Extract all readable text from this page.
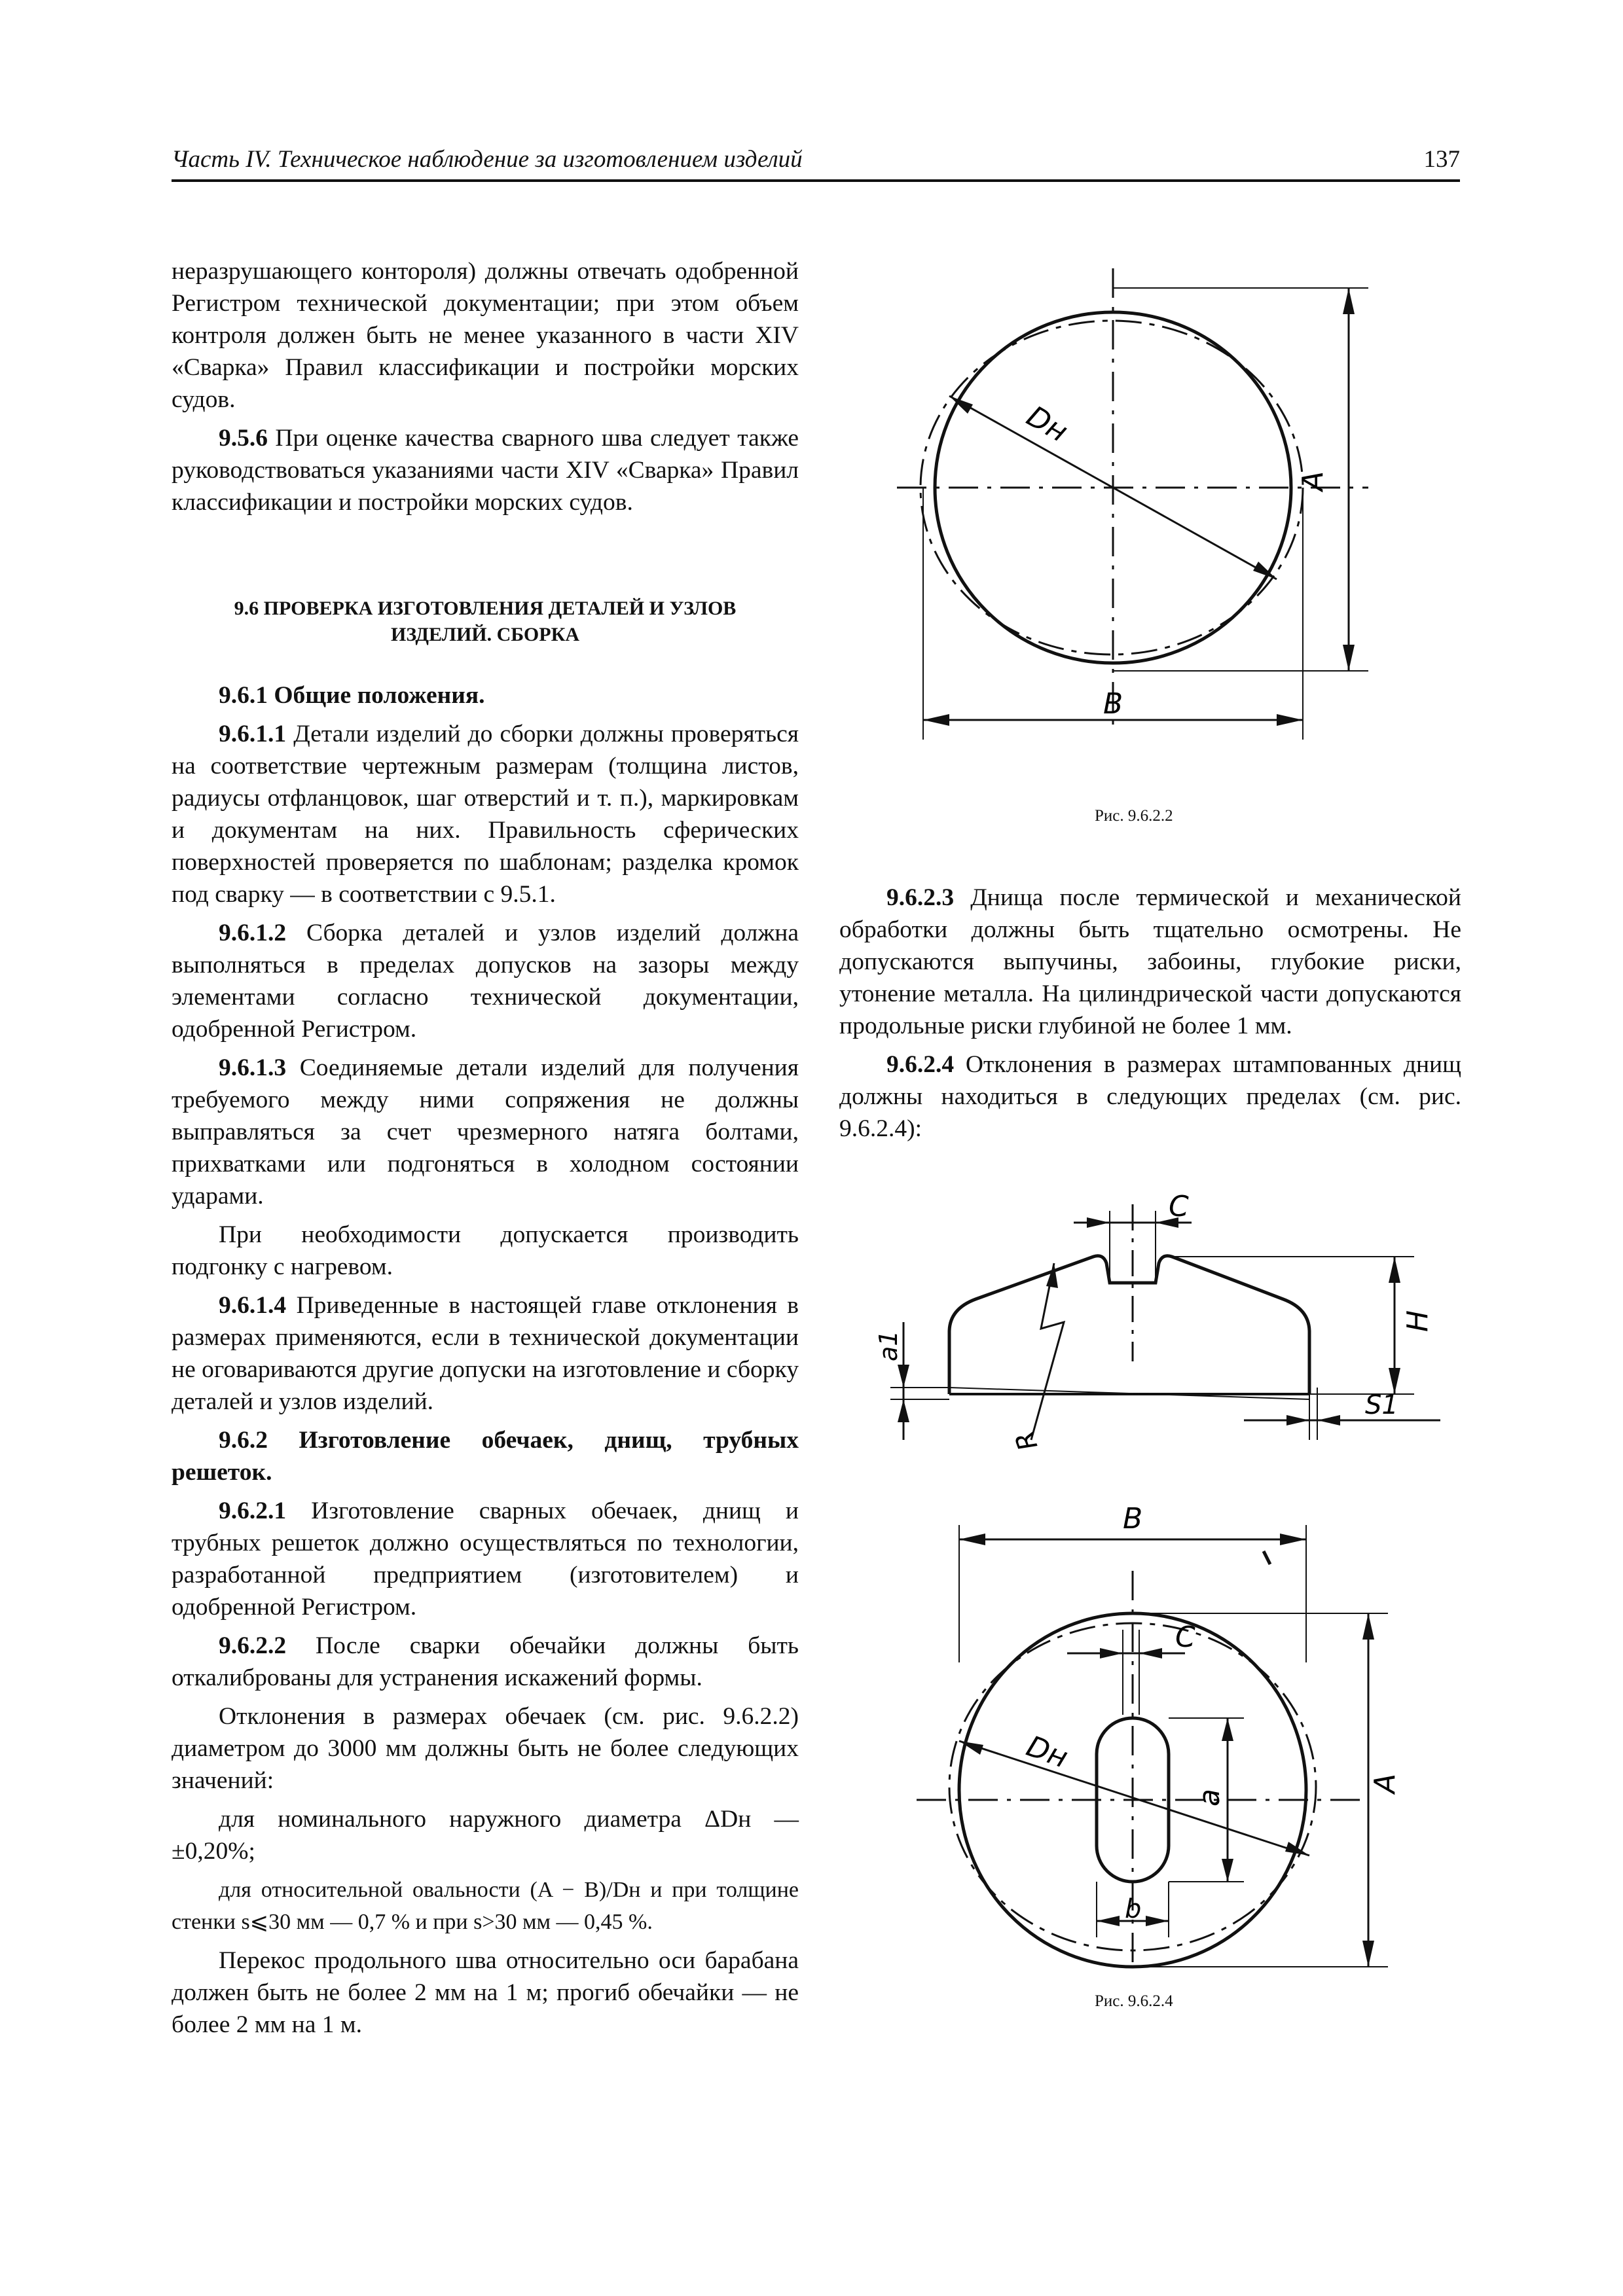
Часть IV. Техническое наблюдение за изготовлением изделий	137

неразрушающего контороля) должны отвечать одобренной Регистром технической документации; при этом объем контроля должен быть не менее указанного в части XIV «Сварка» Правил классификации и постройки морских судов.

9.5.6 При оценке качества сварного шва следует также руководствоваться указаниями части XIV «Сварка» Правил классификации и постройки морских судов.

9.6 ПРОВЕРКА ИЗГОТОВЛЕНИЯ ДЕТАЛЕЙ И УЗЛОВ ИЗДЕЛИЙ. СБОРКА

9.6.1 Общие положения.

9.6.1.1 Детали изделий до сборки должны проверяться на соответствие чертежным размерам (толщина листов, радиусы отфланцовок, шаг отверстий и т. п.), маркировкам и документам на них. Правильность сферических поверхностей проверяется по шаблонам; разделка кромок под сварку — в соответствии с 9.5.1.

9.6.1.2 Сборка деталей и узлов изделий должна выполняться в пределах допусков на зазоры между элементами согласно технической документации, одобренной Регистром.

9.6.1.3 Соединяемые детали изделий для получения требуемого между ними сопряжения не должны выправляться за счет чрезмерного натяга болтами, прихватками или подгоняться в холодном состоянии ударами.

При необходимости допускается производить подгонку с нагревом.

9.6.1.4 Приведенные в настоящей главе отклонения в размерах применяются, если в технической документации не оговариваются другие допуски на изготовление и сборку деталей и узлов изделий.

9.6.2 Изготовление обечаек, днищ, трубных решеток.

9.6.2.1 Изготовление сварных обечаек, днищ и трубных решеток должно осуществляться по технологии, разработанной предприятием (изготовителем) и одобренной Регистром.

9.6.2.2 После сварки обечайки должны быть откалиброваны для устранения искажений формы.

Отклонения в размерах обечаек (см. рис. 9.6.2.2) диаметром до 3000 мм должны быть не более следующих значений:

для номинального наружного диаметра ΔDн — ±0,20%;

для относительной овальности (A − B)/Dн и при толщине стенки s⩽30 мм — 0,7 % и при s>30 мм — 0,45 %.

Перекос продольного шва относительно оси барабана должен быть не более 2 мм на 1 м; прогиб обечайки — не более 2 мм на 1 м.

Dн
A
B
Рис. 9.6.2.2

9.6.2.3 Днища после термической и механической обработки должны быть тщательно осмотрены. Не допускаются выпучины, забоины, глубокие риски, утонение металла. На цилиндрической части допускаются продольные риски глубиной не более 1 мм.

9.6.2.4 Отклонения в размерах штампованных днищ должны находиться в следующих пределах (см. рис. 9.6.2.4):

C
H
a1
S1
R
B
A
C
Dн
a
b
Рис. 9.6.2.4
